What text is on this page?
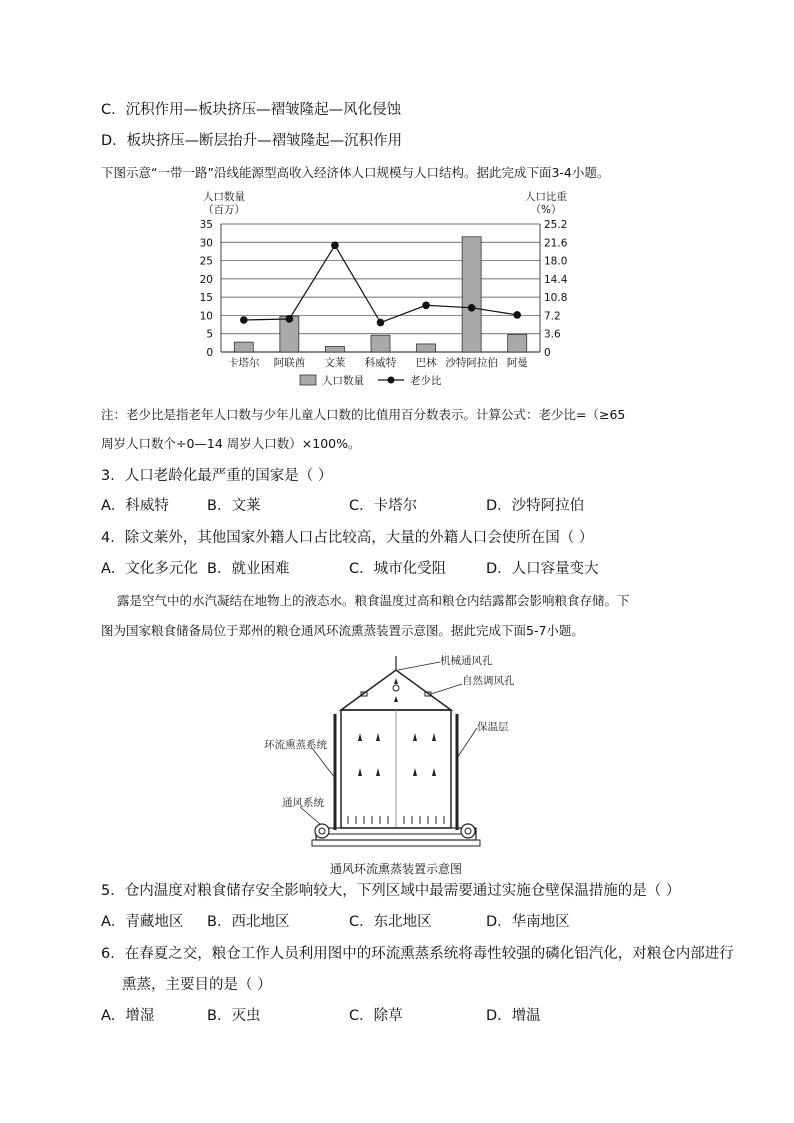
C．沉积作用—板块挤压—褶皱隆起—风化侵蚀
D．板块挤压—断层抬升—褶皱隆起—沉积作用
下图示意“一带一路”沿线能源型高收入经济体人口规模与人口结构。据此完成下面3-4小题。
35	25.2
30	21.6
25	18.0
20	14.4
15	10.8
10	7.2
5	3.6
0	0
人口数量
（百万）
人口比重
（%）
卡塔尔 阿联酋 文莱 科威特 巴林 沙特阿拉伯 阿曼
人口数量	老少比
注：老少比是指老年人口数与少年儿童人口数的比值用百分数表示。计算公式：老少比=（≥65
周岁人口数个÷0—14 周岁人口数）×100%。
3．人口老龄化最严重的国家是（ ）
A．科威特	B．文莱	C．卡塔尔	D．沙特阿拉伯
4．除文莱外，其他国家外籍人口占比较高，大量的外籍人口会使所在国（ ）
A．文化多元化 B．就业困难	C．城市化受阻	D．人口容量变大
露是空气中的水汽凝结在地物上的液态水。粮食温度过高和粮仓内结露都会影响粮食存储。下
图为国家粮食储备局位于郑州的粮仓通风环流熏蒸装置示意图。据此完成下面5-7小题。
机械通风孔
自然调风孔
保温层
环流熏蒸系统
通风系统
通风环流熏蒸装置示意图
5．仓内温度对粮食储存安全影响较大，下列区域中最需要通过实施仓壁保温措施的是（ ）
A．青藏地区 B．西北地区	C．东北地区	D．华南地区
6．在春夏之交，粮仓工作人员利用图中的环流熏蒸系统将毒性较强的磷化铝汽化，对粮仓内部进行
熏蒸，主要目的是（ ）
A．增湿	B．灭虫	C．除草	D．增温
